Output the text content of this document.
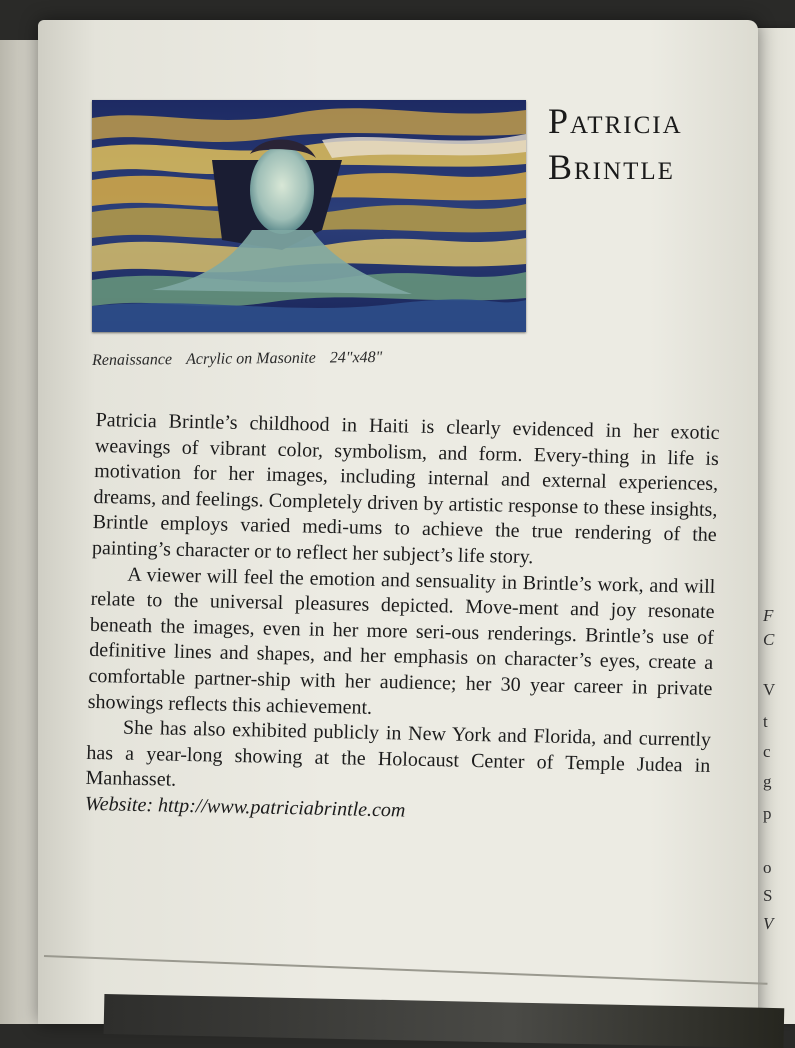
F
C
V
t
c
g
p
o
S
V
Patricia
Brintle
Renaissance Acrylic on Masonite 24"x48"

Patricia Brintle’s childhood in Haiti is clearly evidenced in her exotic weavings of vibrant color, symbolism, and form. Every-thing in life is motivation for her images, including internal and external experiences, dreams, and feelings. Completely driven by artistic response to these insights, Brintle employs varied medi-ums to achieve the true rendering of the painting’s character or to reflect her subject’s life story.

A viewer will feel the emotion and sensuality in Brintle’s work, and will relate to the universal pleasures depicted. Move-ment and joy resonate beneath the images, even in her more seri-ous renderings. Brintle’s use of definitive lines and shapes, and her emphasis on character’s eyes, create a comfortable partner-ship with her audience; her 30 year career in private showings reflects this achievement.

She has also exhibited publicly in New York and Florida, and currently has a year-long showing at the Holocaust Center of Temple Judea in Manhasset.

Website: http://www.patriciabrintle.com
